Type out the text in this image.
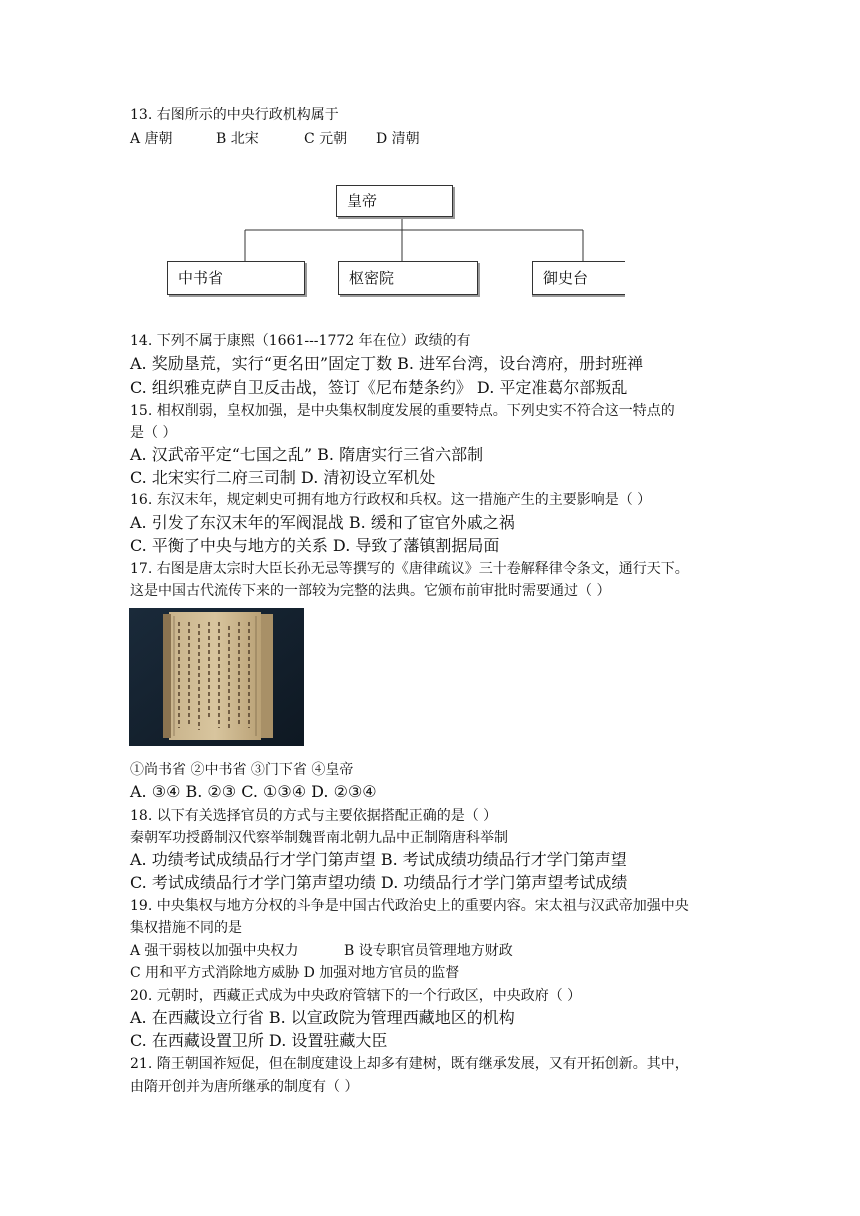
13. 右图所示的中央行政机构属于
A 唐朝	B 北宋	C 元朝 D 清朝
皇帝
中书省	枢密院	御史台
14. 下列不属于康熙（1661---1772 年在位）政绩的有
A. 奖励垦荒，实行“更名田”固定丁数 B. 进军台湾，设台湾府，册封班禅
C. 组织雅克萨自卫反击战，签订《尼布楚条约》 D. 平定准葛尔部叛乱
15. 相权削弱，皇权加强，是中央集权制度发展的重要特点。下列史实不符合这一特点的
是（ ）
A. 汉武帝平定“七国之乱” B. 隋唐实行三省六部制
C. 北宋实行二府三司制 D. 清初设立军机处
16. 东汉末年，规定刺史可拥有地方行政权和兵权。这一措施产生的主要影响是（ ）
A. 引发了东汉末年的军阀混战 B. 缓和了宦官外戚之祸
C. 平衡了中央与地方的关系 D. 导致了藩镇割据局面
17. 右图是唐太宗时大臣长孙无忌等撰写的《唐律疏议》三十卷解释律令条文，通行天下。
这是中国古代流传下来的一部较为完整的法典。它颁布前审批时需要通过（ ）
①尚书省 ②中书省 ③门下省 ④皇帝
A. ③④ B. ②③ C. ①③④ D. ②③④
18. 以下有关选择官员的方式与主要依据搭配正确的是（ ）
秦朝军功授爵制汉代察举制魏晋南北朝九品中正制隋唐科举制
A. 功绩考试成绩品行才学门第声望 B. 考试成绩功绩品行才学门第声望
C. 考试成绩品行才学门第声望功绩 D. 功绩品行才学门第声望考试成绩
19. 中央集权与地方分权的斗争是中国古代政治史上的重要内容。宋太祖与汉武帝加强中央
集权措施不同的是
A 强干弱枝以加强中央权力	B 设专职官员管理地方财政
C 用和平方式消除地方威胁 D 加强对地方官员的监督
20. 元朝时，西藏正式成为中央政府管辖下的一个行政区，中央政府（ ）
A. 在西藏设立行省 B. 以宣政院为管理西藏地区的机构
C. 在西藏设置卫所 D. 设置驻藏大臣
21. 隋王朝国祚短促，但在制度建设上却多有建树，既有继承发展，又有开拓创新。其中，
由隋开创并为唐所继承的制度有（ ）
